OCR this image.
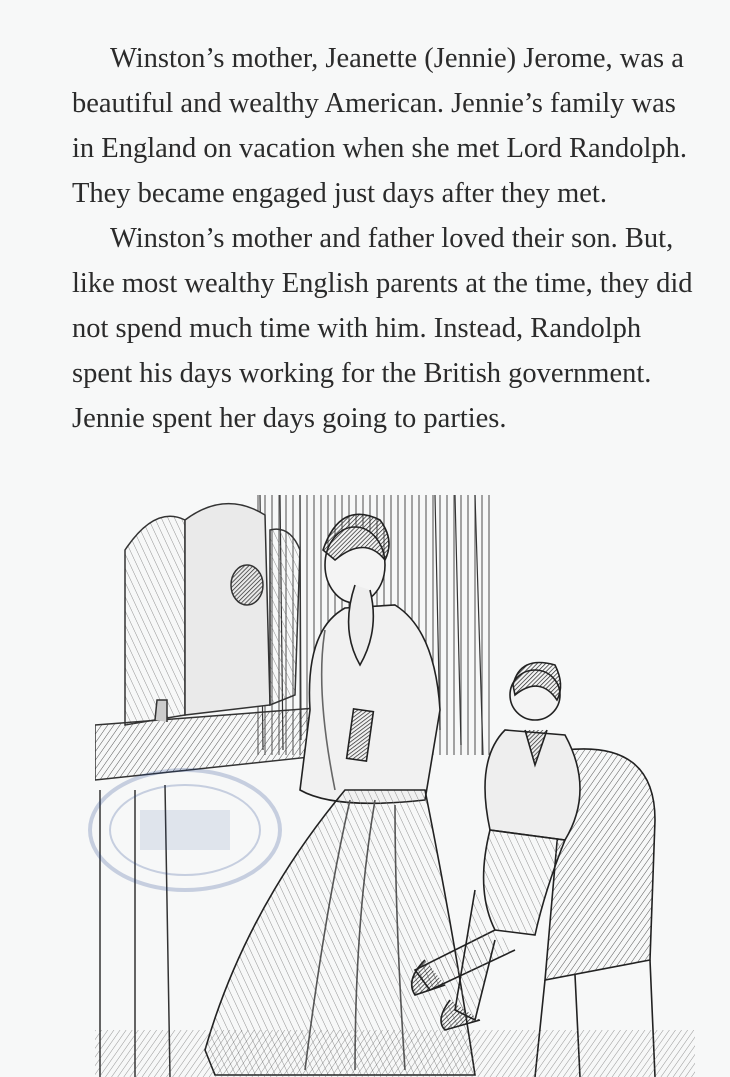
Winston’s mother, Jeanette (Jennie) Jerome, was a beautiful and wealthy American. Jennie’s family was in England on vacation when she met Lord Randolph. They became engaged just days after they met.

Winston’s mother and father loved their son. But, like most wealthy English parents at the time, they did not spend much time with him. Instead, Randolph spent his days working for the British government. Jennie spent her days going to parties.
